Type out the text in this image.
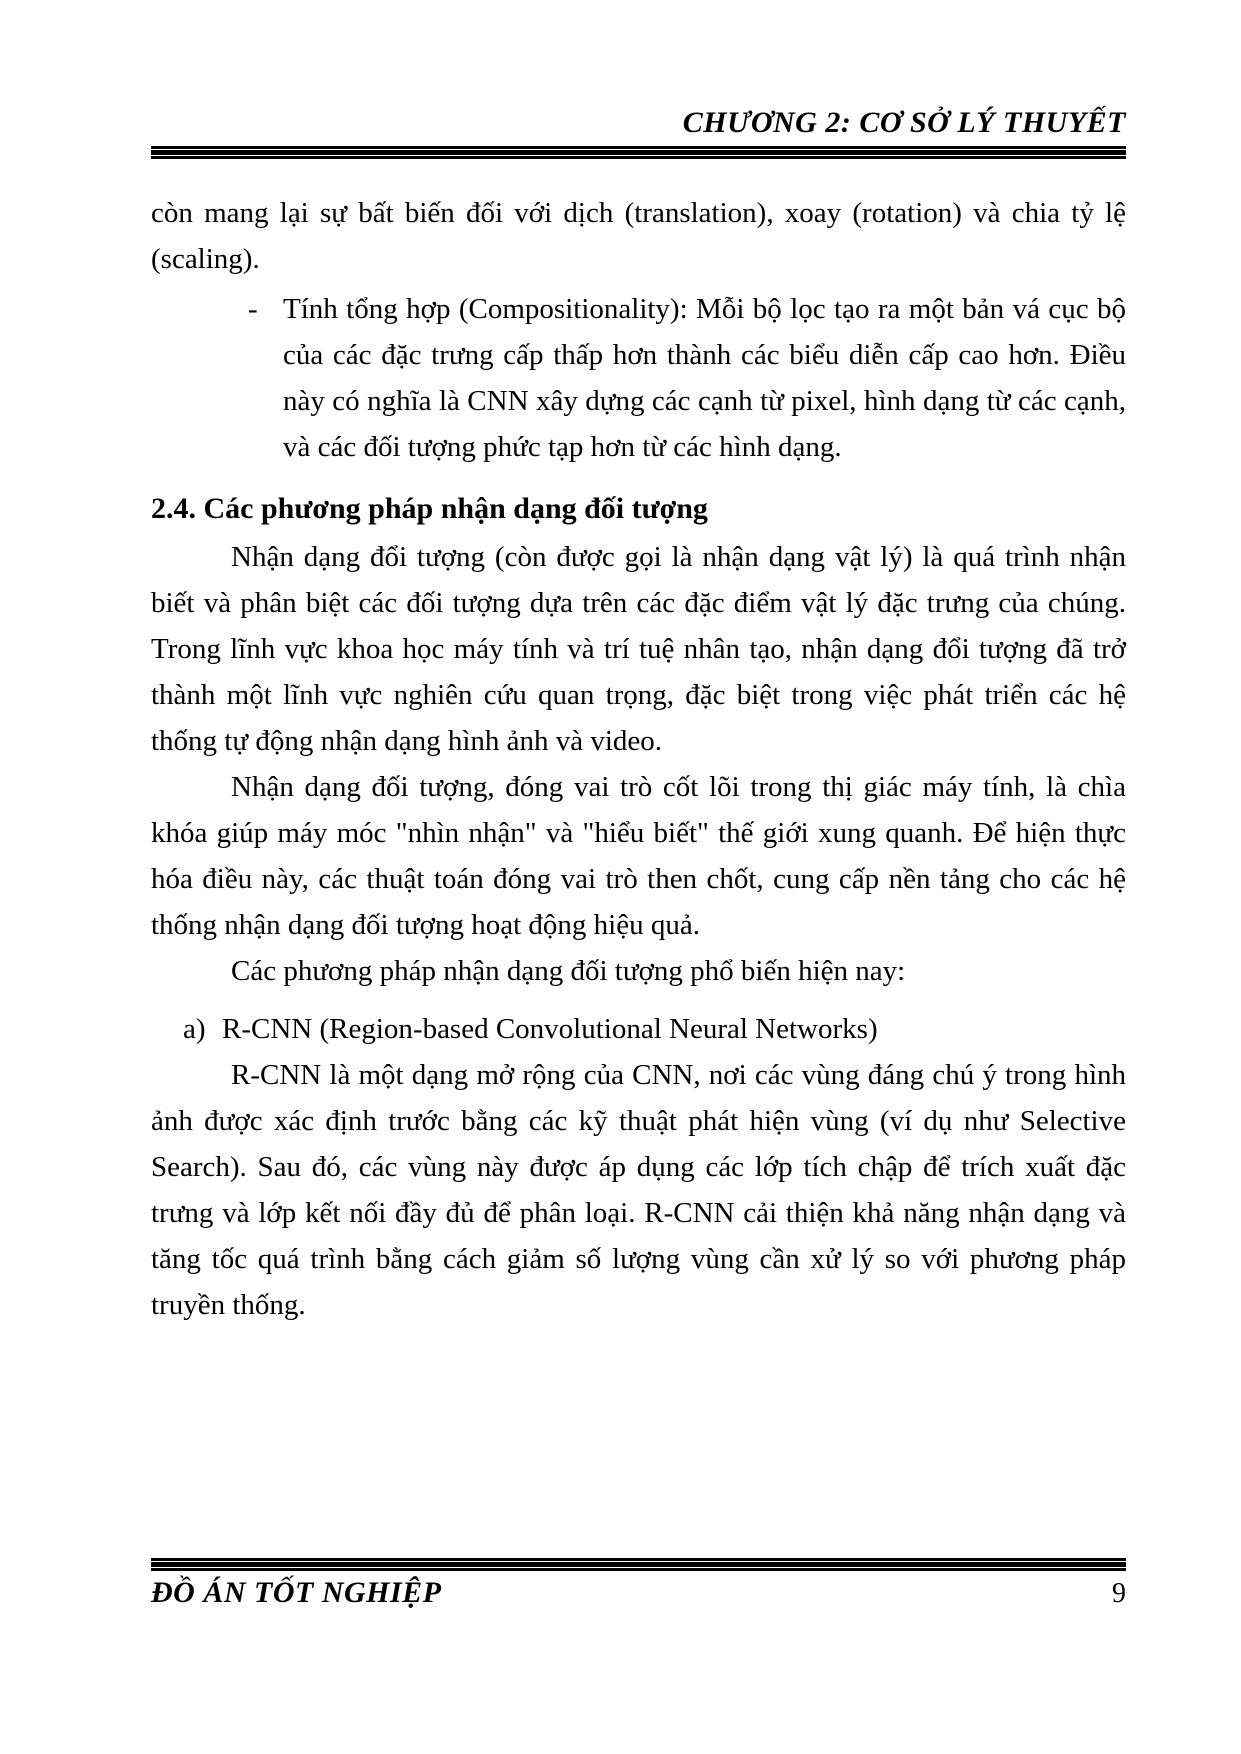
CHƯƠNG 2: CƠ SỞ LÝ THUYẾT

còn mang lại sự bất biến đối với dịch (translation), xoay (rotation) và chia tỷ lệ (scaling).

- Tính tổng hợp (Compositionality): Mỗi bộ lọc tạo ra một bản vá cục bộ của các đặc trưng cấp thấp hơn thành các biểu diễn cấp cao hơn. Điều này có nghĩa là CNN xây dựng các cạnh từ pixel, hình dạng từ các cạnh, và các đối tượng phức tạp hơn từ các hình dạng.

2.4. Các phương pháp nhận dạng đối tượng

Nhận dạng đổi tượng (còn được gọi là nhận dạng vật lý) là quá trình nhận biết và phân biệt các đối tượng dựa trên các đặc điểm vật lý đặc trưng của chúng. Trong lĩnh vực khoa học máy tính và trí tuệ nhân tạo, nhận dạng đổi tượng đã trở thành một lĩnh vực nghiên cứu quan trọng, đặc biệt trong việc phát triển các hệ thống tự động nhận dạng hình ảnh và video.

Nhận dạng đối tượng, đóng vai trò cốt lõi trong thị giác máy tính, là chìa khóa giúp máy móc "nhìn nhận" và "hiểu biết" thế giới xung quanh. Để hiện thực hóa điều này, các thuật toán đóng vai trò then chốt, cung cấp nền tảng cho các hệ thống nhận dạng đối tượng hoạt động hiệu quả.

Các phương pháp nhận dạng đối tượng phổ biến hiện nay:

a) R-CNN (Region-based Convolutional Neural Networks)

R-CNN là một dạng mở rộng của CNN, nơi các vùng đáng chú ý trong hình ảnh được xác định trước bằng các kỹ thuật phát hiện vùng (ví dụ như Selective Search). Sau đó, các vùng này được áp dụng các lớp tích chập để trích xuất đặc trưng và lớp kết nối đầy đủ để phân loại. R-CNN cải thiện khả năng nhận dạng và tăng tốc quá trình bằng cách giảm số lượng vùng cần xử lý so với phương pháp truyền thống.

ĐỒ ÁN TỐT NGHIỆP	9
